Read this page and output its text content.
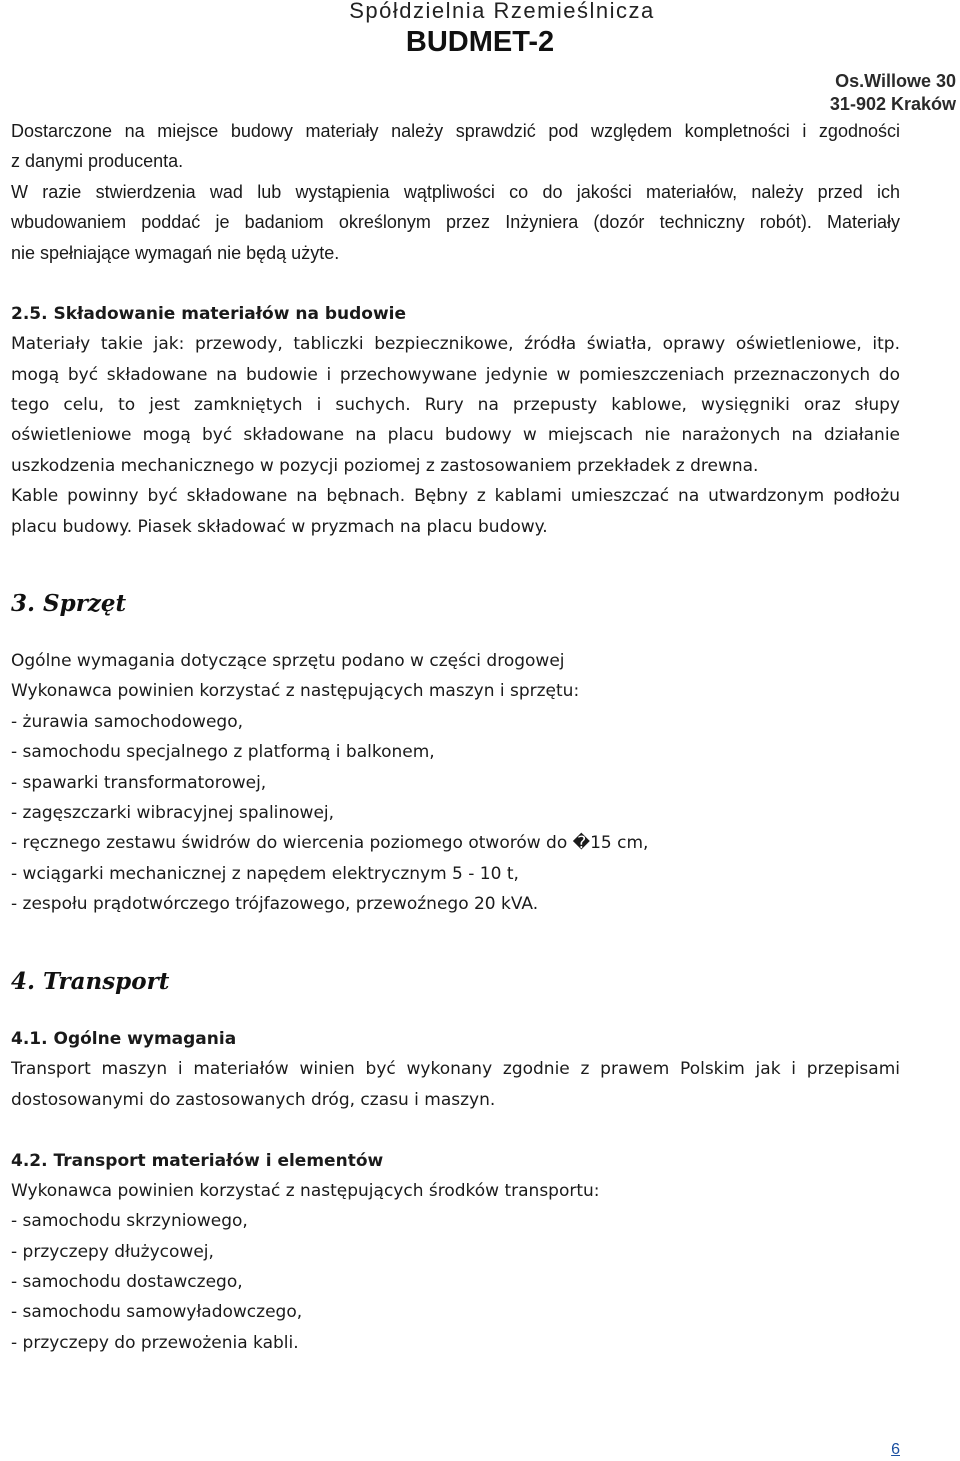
Spółdzielnia Rzemieślnicza
BUDMET-2
Os.Willowe 30
31-902 Kraków
Dostarczone na miejsce budowy materiały należy sprawdzić pod względem kompletności i zgodności
z danymi producenta.
W razie stwierdzenia wad lub wystąpienia wątpliwości co do jakości materiałów, należy przed ich
wbudowaniem poddać je badaniom określonym przez Inżyniera (dozór techniczny robót). Materiały
nie spełniające wymagań nie będą użyte.
2.5. Składowanie materiałów na budowie
Materiały takie jak: przewody, tabliczki bezpiecznikowe, źródła światła, oprawy oświetleniowe, itp.
mogą być składowane na budowie i przechowywane jedynie w pomieszczeniach przeznaczonych do
tego celu, to jest zamkniętych i suchych. Rury na przepusty kablowe, wysięgniki oraz słupy
oświetleniowe mogą być składowane na placu budowy w miejscach nie narażonych na działanie
uszkodzenia mechanicznego w pozycji poziomej z zastosowaniem przekładek z drewna.
Kable powinny być składowane na bębnach. Bębny z kablami umieszczać na utwardzonym podłożu
placu budowy. Piasek składować w pryzmach na placu budowy.
3. Sprzęt
Ogólne wymagania dotyczące sprzętu podano w części drogowej
Wykonawca powinien korzystać z następujących maszyn i sprzętu:
- żurawia samochodowego,
- samochodu specjalnego z platformą i balkonem,
- spawarki transformatorowej,
- zagęszczarki wibracyjnej spalinowej,
- ręcznego zestawu świdrów do wiercenia poziomego otworów do �15 cm,
- wciągarki mechanicznej z napędem elektrycznym 5 - 10 t,
- zespołu prądotwórczego trójfazowego, przewoźnego 20 kVA.
4. Transport
4.1. Ogólne wymagania
Transport maszyn i materiałów winien być wykonany zgodnie z prawem Polskim jak i przepisami
dostosowanymi do zastosowanych dróg, czasu i maszyn.
4.2. Transport materiałów i elementów
Wykonawca powinien korzystać z następujących środków transportu:
- samochodu skrzyniowego,
- przyczepy dłużycowej,
- samochodu dostawczego,
- samochodu samowyładowczego,
- przyczepy do przewożenia kabli.
6
